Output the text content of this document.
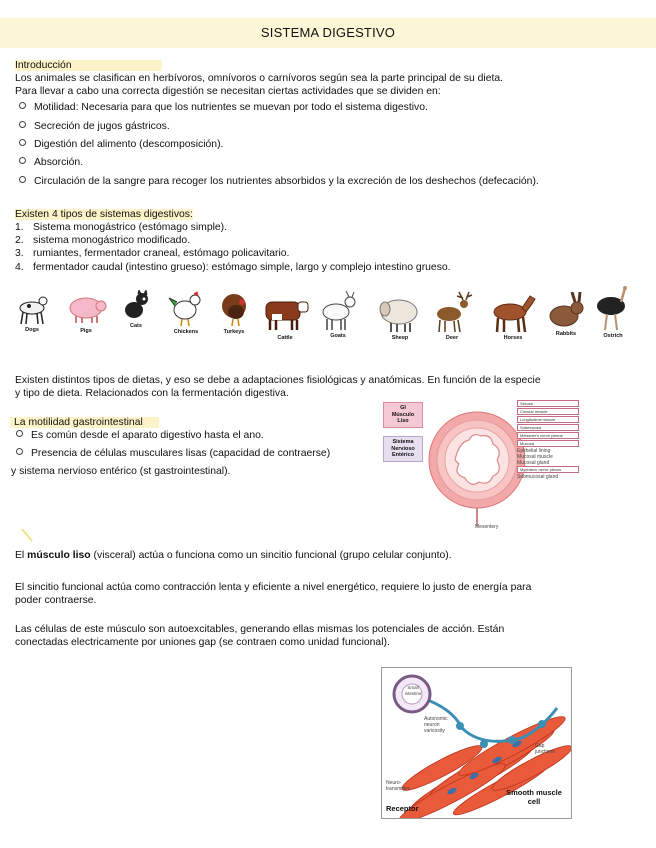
SISTEMA DIGESTIVO
Introducción
Los animales se clasifican en herbívoros, omnívoros o carnívoros según sea la parte principal de su dieta.
Para llevar a cabo una correcta digestión se necesitan ciertas actividades que se dividen en:
Motilidad: Necesaria para que los nutrientes se muevan por todo el sistema digestivo.
Secreción de jugos gástricos.
Digestión del alimento (descomposición).
Absorción.
Circulación de la sangre para recoger los nutrientes absorbidos y la excreción de los deshechos (defecación).
Existen 4 tipos de sistemas digestivos:
1. Sistema monogástrico (estómago simple).
2. sistema monogástrico modificado.
3. rumiantes, fermentador craneal, estómago policavitario.
4. fermentador caudal (intestino grueso): estómago simple, largo y complejo intestino grueso.
Dogs	Pigs
Cats
Chickens	Turkeys
Cattle	Goats	Sheep	Deer	Horses
Rabbits	Ostrich
Existen distintos tipos de dietas, y eso se debe a adaptaciones fisiológicas y anatómicas. En función de la especie
y tipo de dieta. Relacionados con la fermentación digestiva.
La motilidad gastrointestinal
Es común desde el aparato digestivo hasta el ano.
Presencia de células musculares lisas (capacidad de contraerse)
y sistema nervioso entérico (st gastrointestinal).
GI
Músculo
Liso
Sistema
Nervioso
Entérico
Serosa
Circular muscle
Longitudinal muscle
Submucosa
Meissner's nerve plexus
Mucosa
Epithelial lining
Mucosal muscle
Mucosal gland
Myenteric nerve plexus
Submucosal gland
Mesentery
El músculo liso (visceral) actúa o funciona como un sincitio funcional (grupo celular conjunto).
El sincitio funcional actúa como contracción lenta y eficiente a nivel energético, requiere lo justo de energía para
poder contraerse.
Las células de este músculo son autoexcitables, generando ellas mismas los potenciales de acción. Están
conectadas electricamente por uniones gap (se contraen como unidad funcional).
Small intestine
Autonomic neuron varicosity
Gap junctions
Neuro- transmitter
Receptor
Smooth muscle cell
